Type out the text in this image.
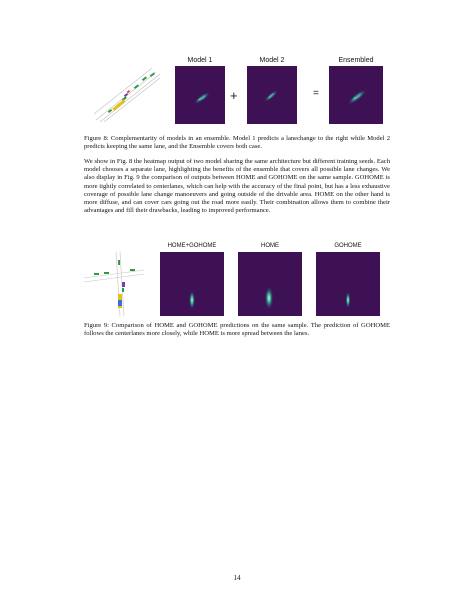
Model 1
+
Model 2
=
Ensembled
Figure 8: Complementarity of models in an ensemble. Model 1 predicts a lanechange to the right while Model 2 predicts keeping the same lane, and the Ensemble covers both case.
We show in Fig. 8 the heatmap output of two model sharing the same architecture but different training seeds. Each model chooses a separate lane, highlighting the benefits of the ensemble that covers all possible lane changes. We also display in Fig. 9 the comparison of outputs between HOME and GOHOME on the same sample. GOHOME is more tightly correlated to centerlanes, which can help with the accuracy of the final point, but has a less exhaustive coverage of possible lane change manoeuvers and going outside of the drivable area. HOME on the other hand is more diffuse, and can cover cars going out the road more easily. Their combination allows them to combine their advantages and fill their drawbacks, leading to improved performance.
HOME+GOHOME	HOME	GOHOME
Figure 9: Comparison of HOME and GOHOME predictions on the same sample. The prediction of GOHOME follows the centerlanes more closely, while HOME is more spread between the lanes.
14
